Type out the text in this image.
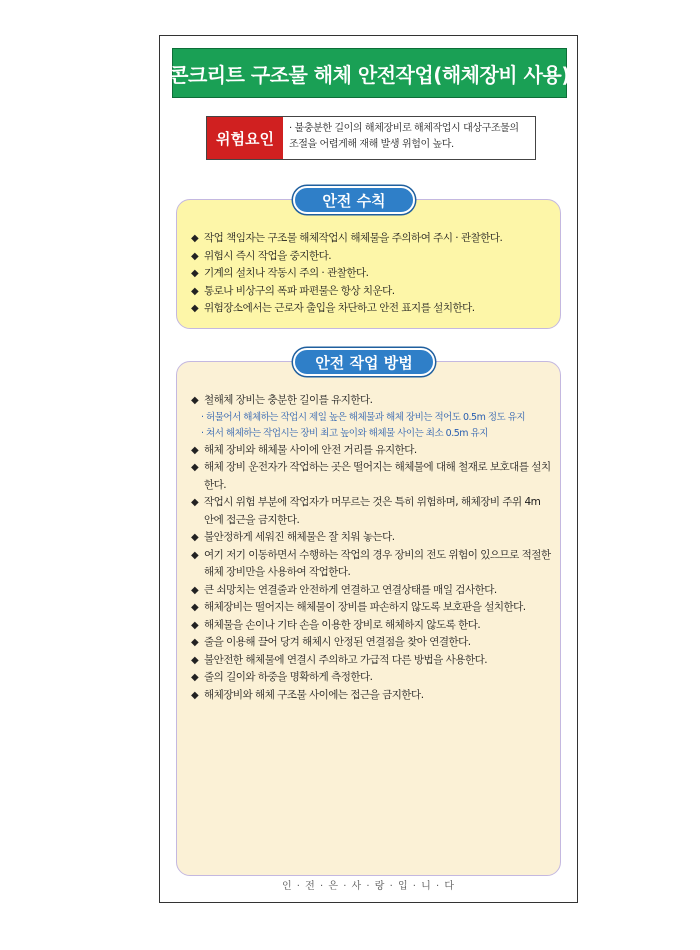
콘크리트 구조물 해체 안전작업(해체장비 사용)
위험요인
· 불충분한 길이의 해체장비로 해체작업시 대상구조물의 조절을 어렵게해 재해 발생 위험이 높다.
안전 수칙
◆ 작업 책임자는 구조물 해체작업시 해체물을 주의하여 주시 · 관찰한다.
◆ 위험시 즉시 작업을 중지한다.
◆ 기계의 설치나 작동시 주의 · 관찰한다.
◆ 통로나 비상구의 폭파 파편물은 항상 치운다.
◆ 위험장소에서는 근로자 출입을 차단하고 안전 표지를 설치한다.
안전 작업 방법
◆ 철해체 장비는 충분한 길이를 유지한다.
· 허물어서 해체하는 작업시 제일 높은 해체물과 해체 장비는 적어도 0.5m 정도 유지
· 쳐서 해체하는 작업시는 장비 최고 높이와 해체물 사이는 최소 0.5m 유지
◆ 해체 장비와 해체물 사이에 안전 거리를 유지한다.
◆ 해체 장비 운전자가 작업하는 곳은 떨어지는 해체물에 대해 철재로 보호대를 설치한다.
◆ 작업시 위험 부분에 작업자가 머무르는 것은 특히 위험하며, 해체장비 주위 4m 안에 접근을 금지한다.
◆ 불안정하게 세워진 해체물은 잘 치워 놓는다.
◆ 여기 저기 이동하면서 수행하는 작업의 경우 장비의 전도 위험이 있으므로 적절한 해체 장비만을 사용하여 작업한다.
◆ 큰 쇠망치는 연결줄과 안전하게 연결하고 연결상태를 매일 검사한다.
◆ 해체장비는 떨어지는 해체물이 장비를 파손하지 않도록 보호판을 설치한다.
◆ 해체물을 손이나 기타 손을 이용한 장비로 해체하지 않도록 한다.
◆ 줄을 이용해 끌어 당겨 해체시 안정된 연결점을 찾아 연결한다.
◆ 불안전한 해체물에 연결시 주의하고 가급적 다른 방법을 사용한다.
◆ 줄의 길이와 하중을 명확하게 측정한다.
◆ 해체장비와 해체 구조물 사이에는 접근을 금지한다.
인 · 전 · 은 · 사 · 랑 · 입 · 니 · 다
